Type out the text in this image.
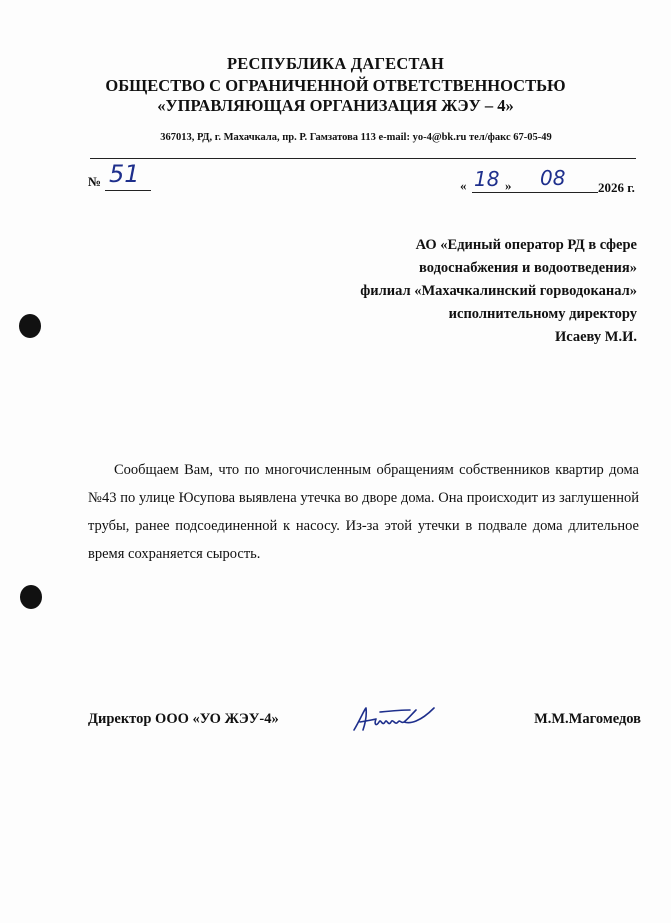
РЕСПУБЛИКА ДАГЕСТАН
ОБЩЕСТВО С ОГРАНИЧЕННОЙ ОТВЕТСТВЕННОСТЬЮ
«УПРАВЛЯЮЩАЯ ОРГАНИЗАЦИЯ ЖЭУ – 4»
367013, РД, г. Махачкала, пр. Р. Гамзатова 113 e-mail: yo-4@bk.ru тел/факс 67-05-49
№ 51	« 18 » 08	2026 г.
АО «Единый оператор РД в сфере
водоснабжения и водоотведения»
филиал «Махачкалинский горводоканал»
исполнительному директору
Исаеву М.И.
Сообщаем Вам, что по многочисленным обращениям собственников квартир дома №43 по улице Юсупова выявлена утечка во дворе дома. Она происходит из заглушенной трубы, ранее подсоединенной к насосу. Из-за этой утечки в подвале дома длительное время сохраняется сырость.
Директор ООО «УО ЖЭУ-4»	М.М.Магомедов
